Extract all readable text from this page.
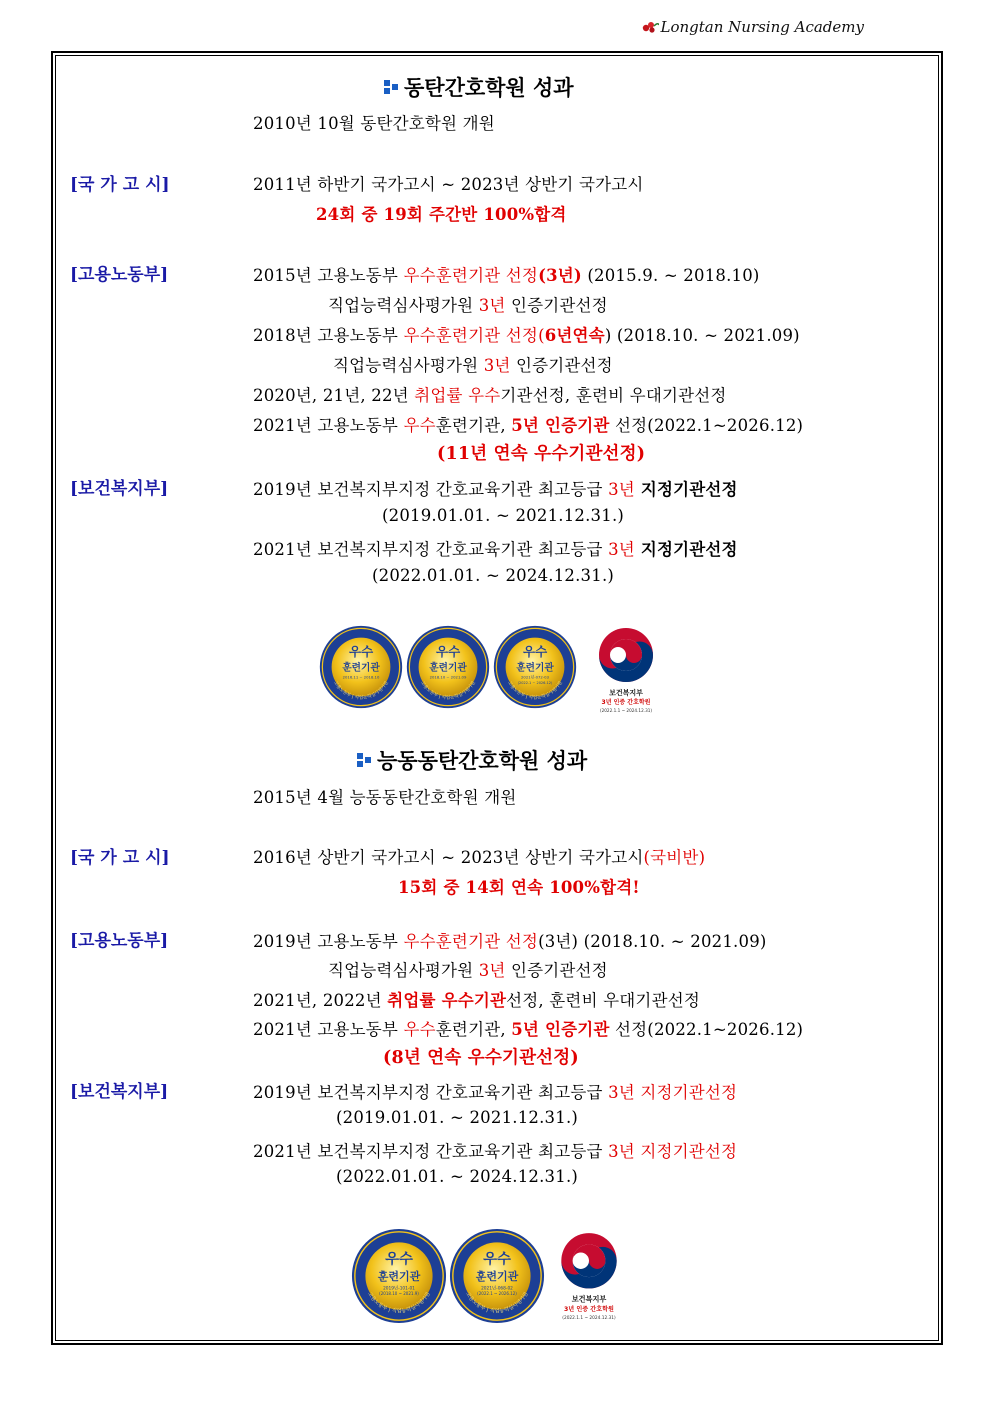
Longtan Nursing Academy
동탄간호학원 성과
2010년 10월 동탄간호학원 개원
[국 가 고 시]	2011년 하반기 국가고시 ~ 2023년 상반기 국가고시
24회 중 19회 주간반 100%합격
[고용노동부]	2015년 고용노동부 우수훈련기관 선정(3년) (2015.9. ~ 2018.10)
직업능력심사평가원 3년 인증기관선정
2018년 고용노동부 우수훈련기관 선정(6년연속) (2018.10. ~ 2021.09)
직업능력심사평가원 3년 인증기관선정
2020년, 21년, 22년 취업률 우수기관선정, 훈련비 우대기관선정
2021년 고용노동부 우수훈련기관, 5년 인증기관 선정(2022.1~2026.12)
(11년 연속 우수기관선정)
[보건복지부]	2019년 보건복지부지정 간호교육기관 최고등급 3년 지정기관선정
(2019.01.01. ~ 2021.12.31.)
2021년 보건복지부지정 간호교육기관 최고등급 3년 지정기관선정
(2022.01.01. ~ 2024.12.31.)
우수
훈련기관
2016.11 ~ 2018.10
고용노동부 | 직업능력심사평가원
우수
훈련기관
2018.10 ~ 2021.09
고용노동부 | 직업능력심사평가원
우수
훈련기관
2021년-072-03
(2022.1 ~ 2026.12)
고용노동부 | 직업능력심사평가원
보건복지부
3년 인증 간호학원
(2022.1.1 ~ 2024.12.31)
능동동탄간호학원 성과
2015년 4월 능동동탄간호학원 개원
[국 가 고 시]	2016년 상반기 국가고시 ~ 2023년 상반기 국가고시(국비반)
15회 중 14회 연속 100%합격!
[고용노동부]	2019년 고용노동부 우수훈련기관 선정(3년) (2018.10. ~ 2021.09)
직업능력심사평가원 3년 인증기관선정
2021년, 2022년 취업률 우수기관선정, 훈련비 우대기관선정
2021년 고용노동부 우수훈련기관, 5년 인증기관 선정(2022.1~2026.12)
(8년 연속 우수기관선정)
[보건복지부]	2019년 보건복지부지정 간호교육기관 최고등급 3년 지정기관선정
(2019.01.01. ~ 2021.12.31.)
2021년 보건복지부지정 간호교육기관 최고등급 3년 지정기관선정
(2022.01.01. ~ 2024.12.31.)
우수
훈련기관
2019년-101-01
(2018.10 ~ 2021.9)
고용노동부 | 직업능력심사평가원
우수
훈련기관
2021년-068-02
(2022.1 ~ 2026.12)
고용노동부 | 직업능력심사평가원	보건복지부
3년 인증 간호학원
(2022.1.1 ~ 2024.12.31)
